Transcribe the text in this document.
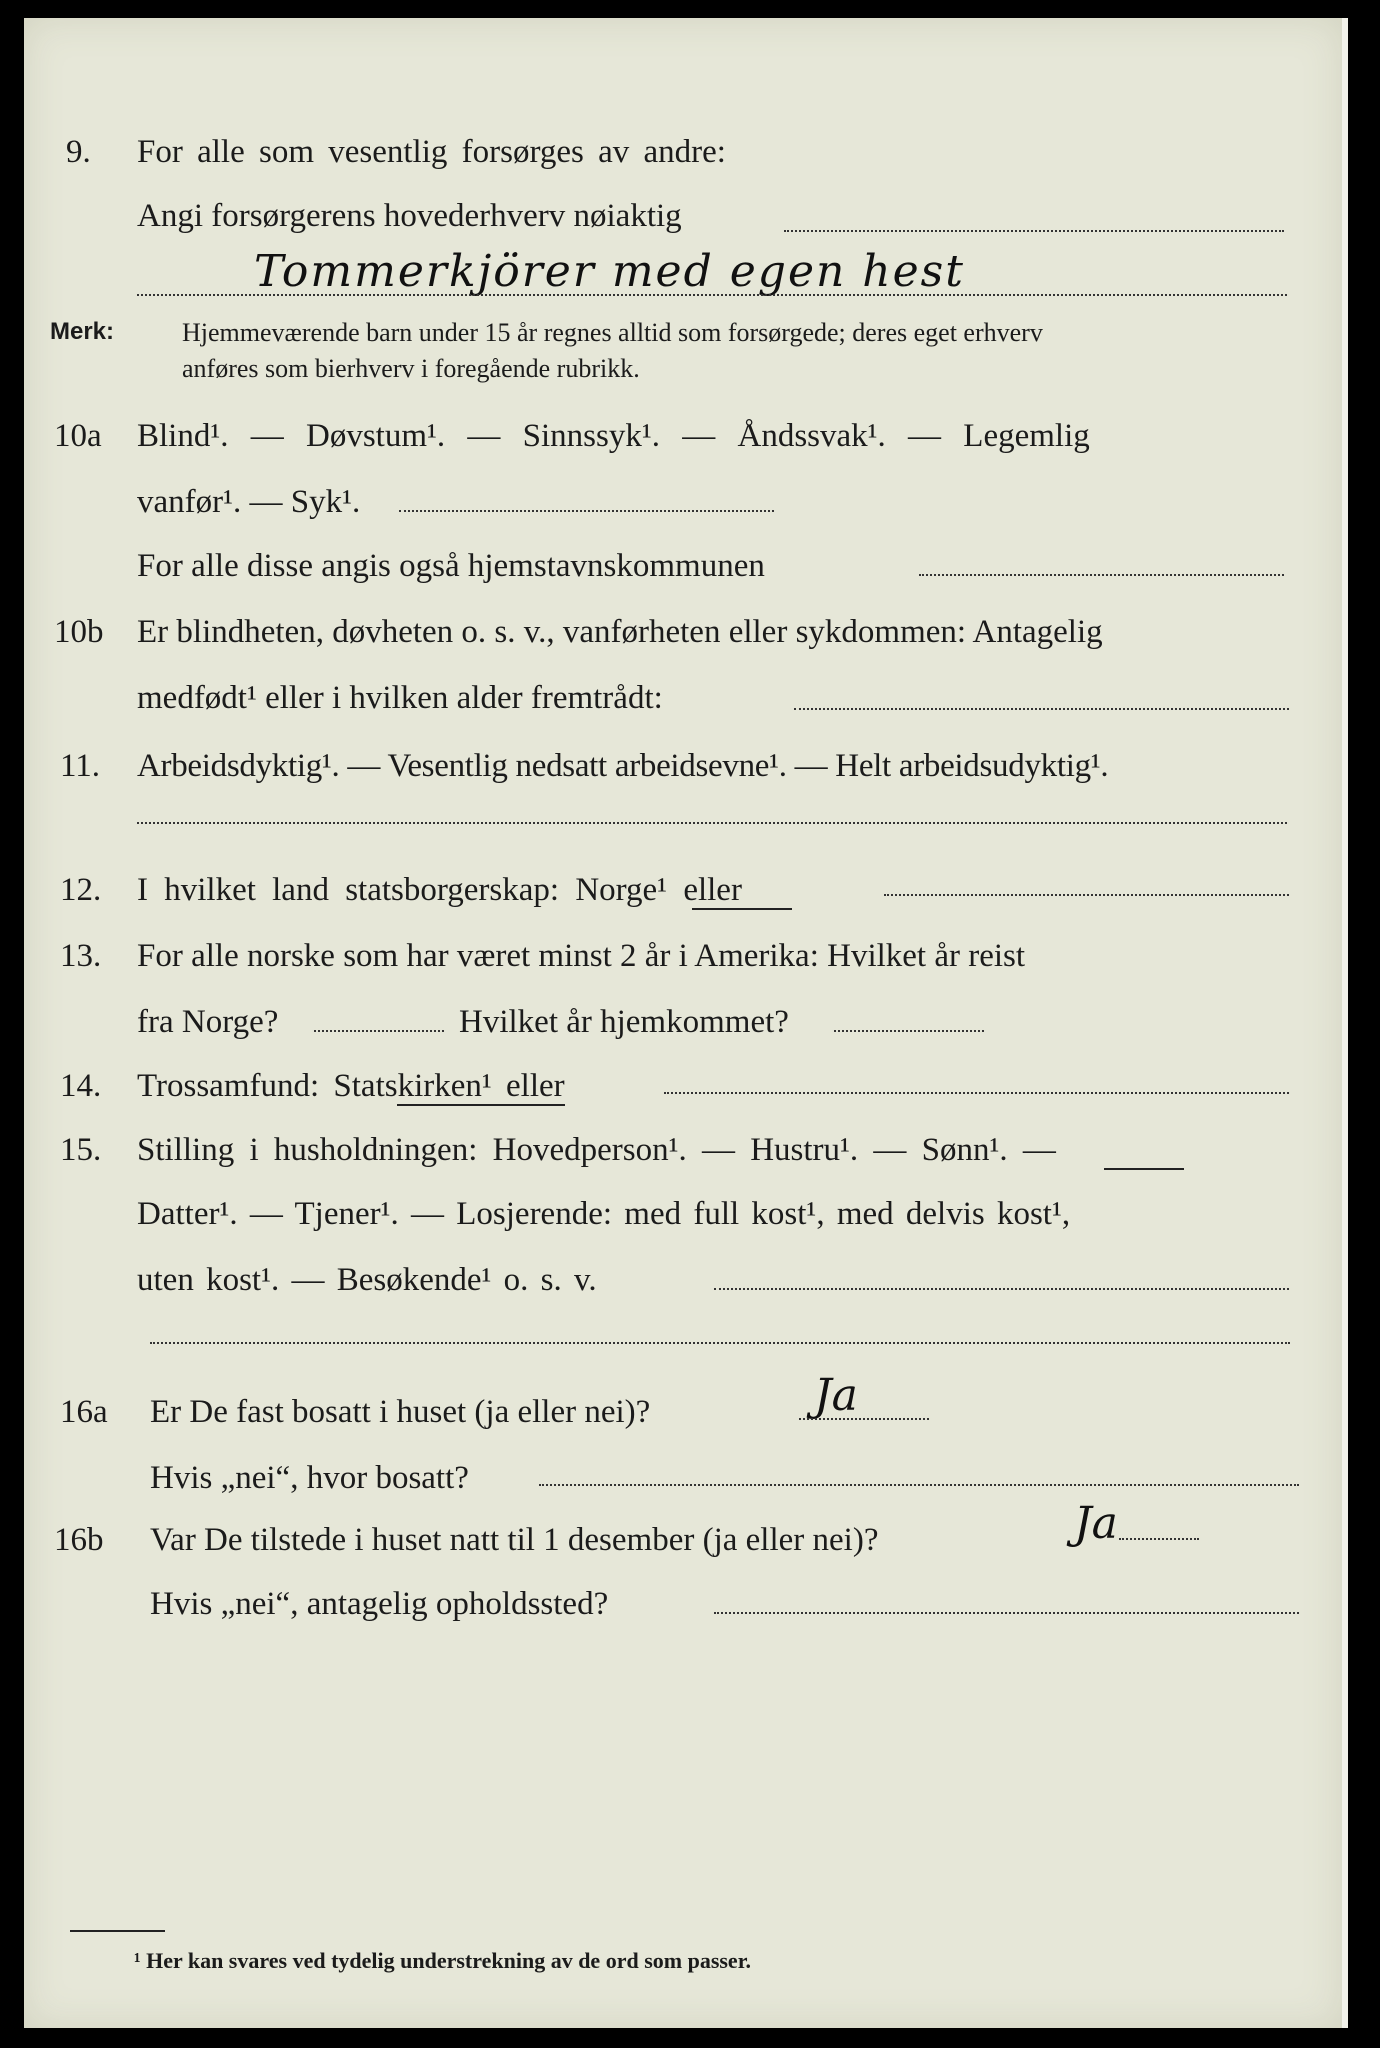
9. For alle som vesentlig forsørges av andre:
Angi forsørgerens hovederhverv nøiaktig
Tommerkjörer med egen hest
Merk:	Hjemmeværende barn under 15 år regnes alltid som forsørgede; deres eget erhverv
anføres som bierhverv i foregående rubrikk.
10a Blind¹. — Døvstum¹. — Sinnssyk¹. — Åndssvak¹. — Legemlig
vanfør¹. — Syk¹.
For alle disse angis også hjemstavnskommunen
10b Er blindheten, døvheten o. s. v., vanførheten eller sykdommen: Antagelig
medfødt¹ eller i hvilken alder fremtrådt:
11. Arbeidsdyktig¹. — Vesentlig nedsatt arbeidsevne¹. — Helt arbeidsudyktig¹.
12. I hvilket land statsborgerskap: Norge¹ eller
13. For alle norske som har været minst 2 år i Amerika: Hvilket år reist
fra Norge?	Hvilket år hjemkommet?
14. Trossamfund: Statskirken¹ eller
15. Stilling i husholdningen: Hovedperson¹. — Hustru¹. — Sønn¹. —
Datter¹. — Tjener¹. — Losjerende: med full kost¹, med delvis kost¹,
uten kost¹. — Besøkende¹ o. s. v.
16a Er De fast bosatt i huset (ja eller nei)?	Ja
Hvis „nei“, hvor bosatt?
16b Var De tilstede i huset natt til 1 desember (ja eller nei)?	Ja
Hvis „nei“, antagelig opholdssted?
¹ Her kan svares ved tydelig understrekning av de ord som passer.
